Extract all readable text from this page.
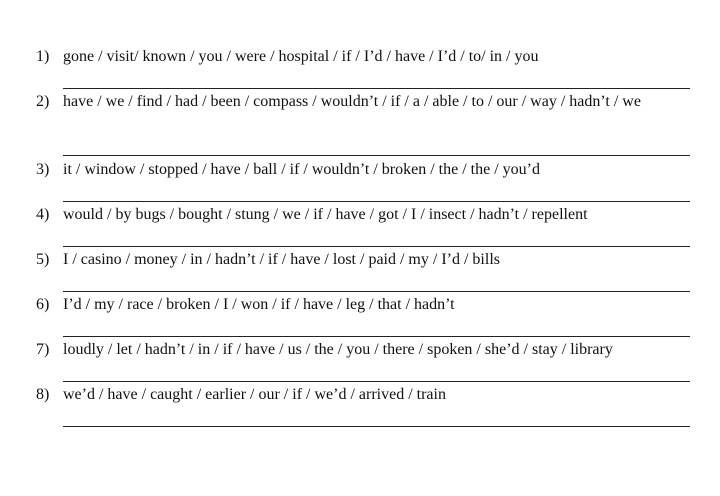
1) gone / visit/ known / you / were / hospital / if / I’d / have / I’d / to/ in / you
2) have / we / find / had / been / compass / wouldn’t / if / a / able / to / our / way / hadn’t / we
3) it / window / stopped / have / ball / if / wouldn’t / broken / the / the / you’d
4) would / by bugs / bought / stung / we / if / have / got / I / insect / hadn’t / repellent
5) I / casino / money / in / hadn’t / if / have / lost / paid / my / I’d / bills
6) I’d / my / race / broken / I / won / if / have / leg / that / hadn’t
7) loudly / let / hadn’t / in / if / have / us / the / you / there / spoken / she’d / stay / library
8) we’d / have / caught / earlier / our / if / we’d / arrived / train
